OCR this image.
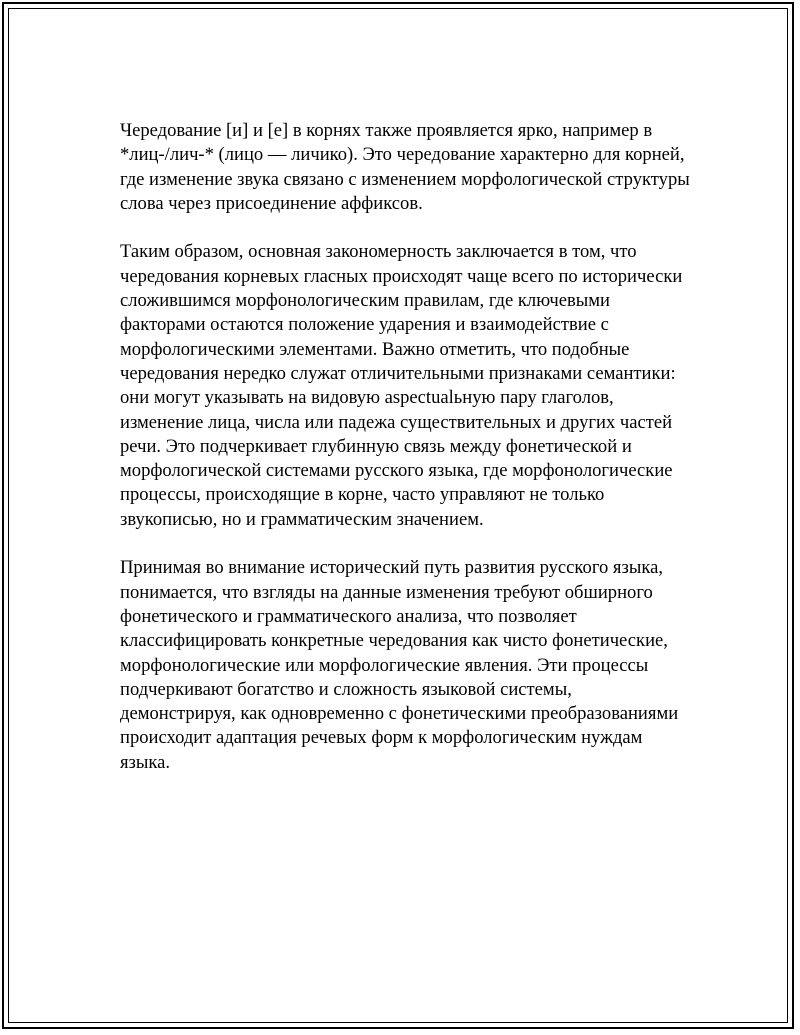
Чередование [и] и [е] в корнях также проявляется ярко, например в
*лиц-/лич-* (лицо — личико). Это чередование характерно для корней,
где изменение звука связано с изменением морфологической структуры
слова через присоединение аффиксов.

Таким образом, основная закономерность заключается в том, что
чередования корневых гласных происходят чаще всего по исторически
сложившимся морфонологическим правилам, где ключевыми
факторами остаются положение ударения и взаимодействие с
морфологическими элементами. Важно отметить, что подобные
чередования нередко служат отличительными признаками семантики:
они могут указывать на видовую aspectualьную пару глаголов,
изменение лица, числа или падежа существительных и других частей
речи. Это подчеркивает глубинную связь между фонетической и
морфологической системами русского языка, где морфонологические
процессы, происходящие в корне, часто управляют не только
звукописью, но и грамматическим значением.

Принимая во внимание исторический путь развития русского языка,
понимается, что взгляды на данные изменения требуют обширного
фонетического и грамматического анализа, что позволяет
классифицировать конкретные чередования как чисто фонетические,
морфонологические или морфологические явления. Эти процессы
подчеркивают богатство и сложность языковой системы,
демонстрируя, как одновременно с фонетическими преобразованиями
происходит адаптация речевых форм к морфологическим нуждам
языка.
